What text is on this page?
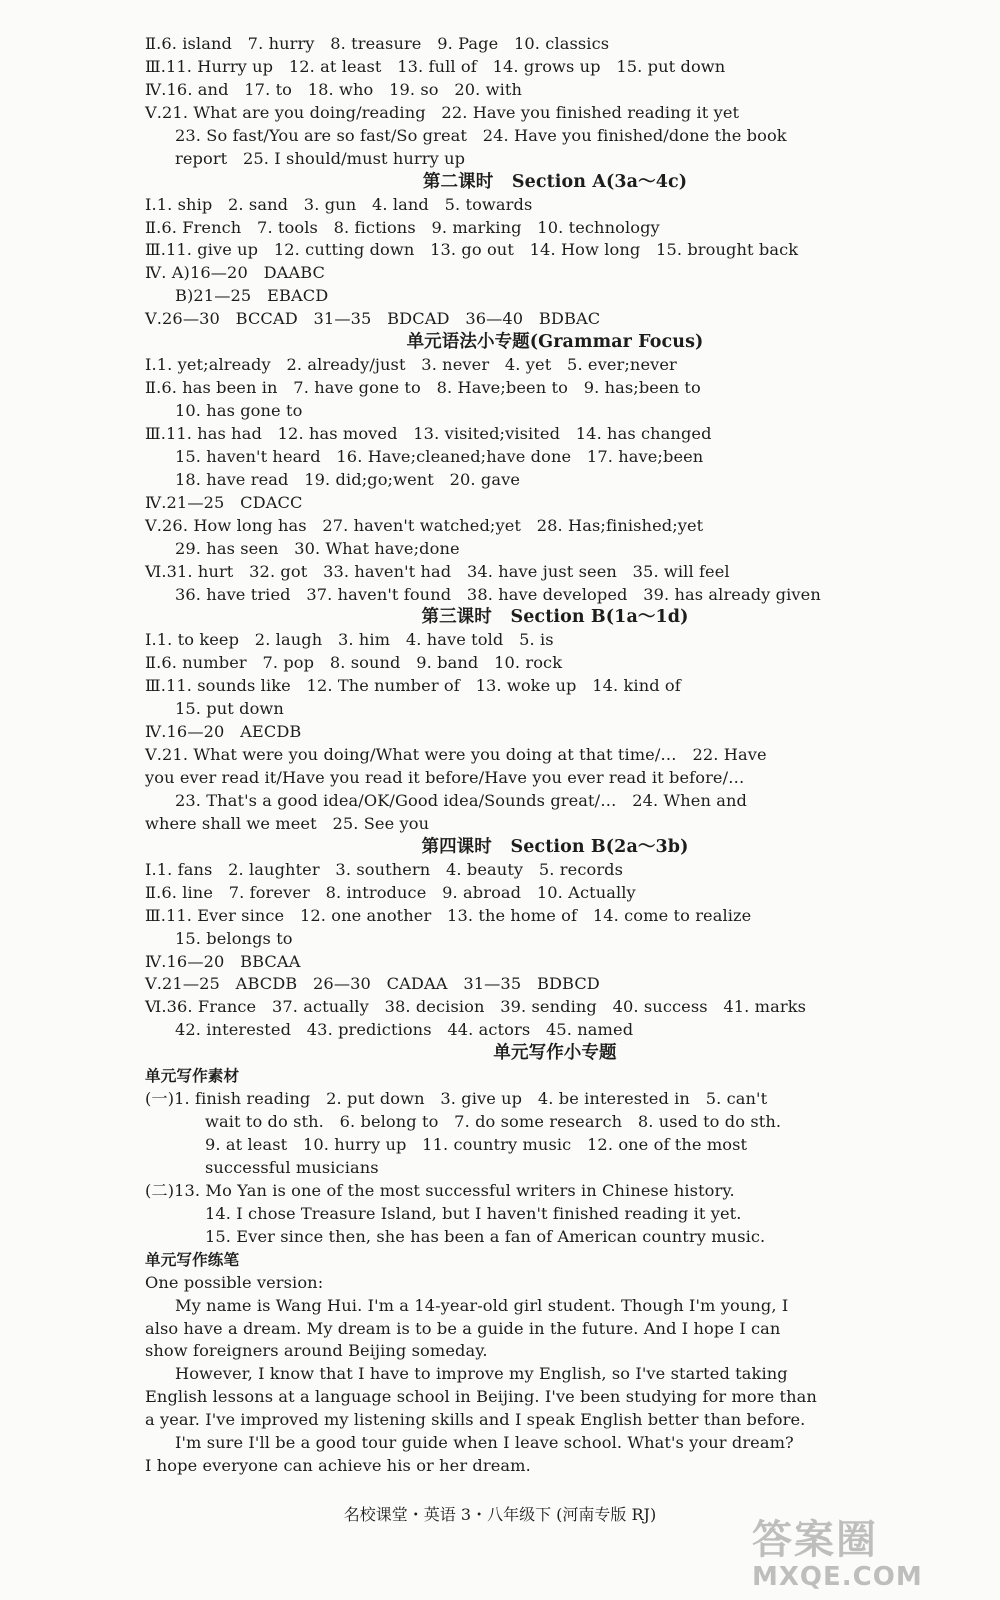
Ⅱ.6. island   7. hurry   8. treasure   9. Page   10. classics
Ⅲ.11. Hurry up   12. at least   13. full of   14. grows up   15. put down
Ⅳ.16. and   17. to   18. who   19. so   20. with
Ⅴ.21. What are you doing/reading   22. Have you finished reading it yet
23. So fast/You are so fast/So great   24. Have you finished/done the book
report   25. I should/must hurry up
第二课时   Section A(3a～4c)
Ⅰ.1. ship   2. sand   3. gun   4. land   5. towards
Ⅱ.6. French   7. tools   8. fictions   9. marking   10. technology
Ⅲ.11. give up   12. cutting down   13. go out   14. How long   15. brought back
Ⅳ. A)16—20   DAABC
B)21—25   EBACD
Ⅴ.26—30   BCCAD   31—35   BDCAD   36—40   BDBAC
单元语法小专题(Grammar Focus)
Ⅰ.1. yet;already   2. already/just   3. never   4. yet   5. ever;never
Ⅱ.6. has been in   7. have gone to   8. Have;been to   9. has;been to
10. has gone to
Ⅲ.11. has had   12. has moved   13. visited;visited   14. has changed
15. haven't heard   16. Have;cleaned;have done   17. have;been
18. have read   19. did;go;went   20. gave
Ⅳ.21—25   CDACC
Ⅴ.26. How long has   27. haven't watched;yet   28. Has;finished;yet
29. has seen   30. What have;done
Ⅵ.31. hurt   32. got   33. haven't had   34. have just seen   35. will feel
36. have tried   37. haven't found   38. have developed   39. has already given
第三课时   Section B(1a～1d)
Ⅰ.1. to keep   2. laugh   3. him   4. have told   5. is
Ⅱ.6. number   7. pop   8. sound   9. band   10. rock
Ⅲ.11. sounds like   12. The number of   13. woke up   14. kind of
15. put down
Ⅳ.16—20   AECDB
Ⅴ.21. What were you doing/What were you doing at that time/…   22. Have
you ever read it/Have you read it before/Have you ever read it before/…
23. That's a good idea/OK/Good idea/Sounds great/…   24. When and
where shall we meet   25. See you
第四课时   Section B(2a～3b)
Ⅰ.1. fans   2. laughter   3. southern   4. beauty   5. records
Ⅱ.6. line   7. forever   8. introduce   9. abroad   10. Actually
Ⅲ.11. Ever since   12. one another   13. the home of   14. come to realize
15. belongs to
Ⅳ.16—20   BBCAA
Ⅴ.21—25   ABCDB   26—30   CADAA   31—35   BDBCD
Ⅵ.36. France   37. actually   38. decision   39. sending   40. success   41. marks
42. interested   43. predictions   44. actors   45. named
单元写作小专题
单元写作素材
(一)1. finish reading   2. put down   3. give up   4. be interested in   5. can't
wait to do sth.   6. belong to   7. do some research   8. used to do sth.
9. at least   10. hurry up   11. country music   12. one of the most
successful musicians
(二)13. Mo Yan is one of the most successful writers in Chinese history.
14. I chose Treasure Island, but I haven't finished reading it yet.
15. Ever since then, she has been a fan of American country music.
单元写作练笔
One possible version:
My name is Wang Hui. I'm a 14-year-old girl student. Though I'm young, I
also have a dream. My dream is to be a guide in the future. And I hope I can
show foreigners around Beijing someday.
However, I know that I have to improve my English, so I've started taking
English lessons at a language school in Beijing. I've been studying for more than
a year. I've improved my listening skills and I speak English better than before.
I'm sure I'll be a good tour guide when I leave school. What's your dream?
I hope everyone can achieve his or her dream.
名校课堂・英语 3・八年级下 (河南专版 RJ)
答案圈
MXQE.COM
